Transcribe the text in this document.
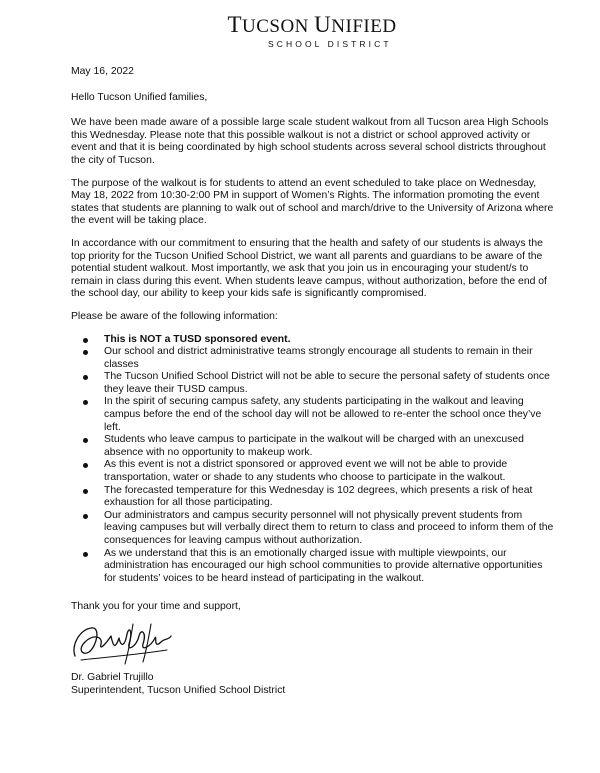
TUCSON UNIFIED
SCHOOL DISTRICT

May 16, 2022

Hello Tucson Unified families,

We have been made aware of a possible large scale student walkout from all Tucson area High Schools this Wednesday. Please note that this possible walkout is not a district or school approved activity or event and that it is being coordinated by high school students across several school districts throughout the city of Tucson.

The purpose of the walkout is for students to attend an event scheduled to take place on Wednesday, May 18, 2022 from 10:30-2:00 PM in support of Women’s Rights. The information promoting the event states that students are planning to walk out of school and march/drive to the University of Arizona where the event will be taking place.

In accordance with our commitment to ensuring that the health and safety of our students is always the top priority for the Tucson Unified School District, we want all parents and guardians to be aware of the potential student walkout. Most importantly, we ask that you join us in encouraging your student/s to remain in class during this event. When students leave campus, without authorization, before the end of the school day, our ability to keep your kids safe is significantly compromised.

Please be aware of the following information:

This is NOT a TUSD sponsored event.
Our school and district administrative teams strongly encourage all students to remain in their classes
The Tucson Unified School District will not be able to secure the personal safety of students once they leave their TUSD campus.
In the spirit of securing campus safety, any students participating in the walkout and leaving campus before the end of the school day will not be allowed to re-enter the school once they’ve left.
Students who leave campus to participate in the walkout will be charged with an unexcused absence with no opportunity to makeup work.
As this event is not a district sponsored or approved event we will not be able to provide transportation, water or shade to any students who choose to participate in the walkout.
The forecasted temperature for this Wednesday is 102 degrees, which presents a risk of heat exhaustion for all those participating.
Our administrators and campus security personnel will not physically prevent students from leaving campuses but will verbally direct them to return to class and proceed to inform them of the consequences for leaving campus without authorization.
As we understand that this is an emotionally charged issue with multiple viewpoints, our administration has encouraged our high school communities to provide alternative opportunities for students’ voices to be heard instead of participating in the walkout.

Thank you for your time and support,

Dr. Gabriel Trujillo

Superintendent, Tucson Unified School District
